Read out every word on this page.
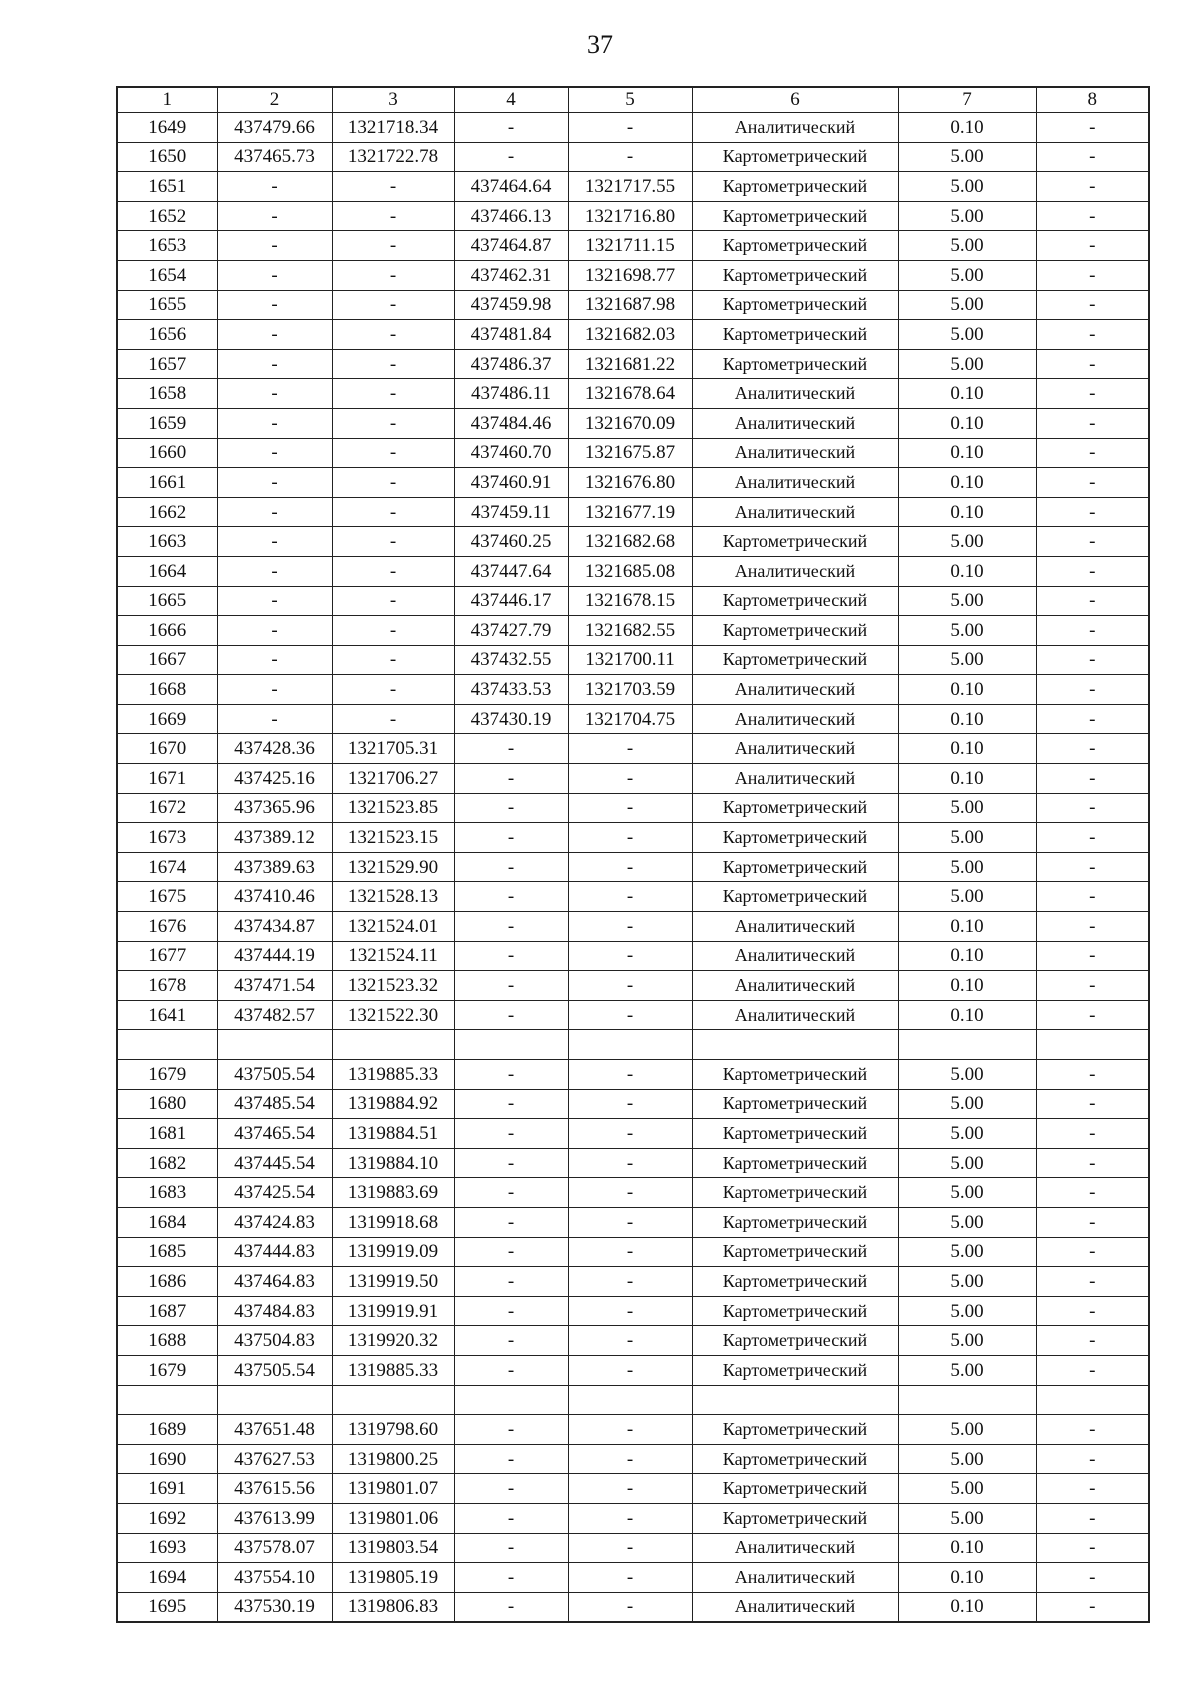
37
1	2	3	4	5	6	7	8
1649	437479.66	1321718.34	-	-	Аналитический	0.10	-
1650	437465.73	1321722.78	-	-	Картометрический	5.00	-
1651	-	-	437464.64	1321717.55	Картометрический	5.00	-
1652	-	-	437466.13	1321716.80	Картометрический	5.00	-
1653	-	-	437464.87	1321711.15	Картометрический	5.00	-
1654	-	-	437462.31	1321698.77	Картометрический	5.00	-
1655	-	-	437459.98	1321687.98	Картометрический	5.00	-
1656	-	-	437481.84	1321682.03	Картометрический	5.00	-
1657	-	-	437486.37	1321681.22	Картометрический	5.00	-
1658	-	-	437486.11	1321678.64	Аналитический	0.10	-
1659	-	-	437484.46	1321670.09	Аналитический	0.10	-
1660	-	-	437460.70	1321675.87	Аналитический	0.10	-
1661	-	-	437460.91	1321676.80	Аналитический	0.10	-
1662	-	-	437459.11	1321677.19	Аналитический	0.10	-
1663	-	-	437460.25	1321682.68	Картометрический	5.00	-
1664	-	-	437447.64	1321685.08	Аналитический	0.10	-
1665	-	-	437446.17	1321678.15	Картометрический	5.00	-
1666	-	-	437427.79	1321682.55	Картометрический	5.00	-
1667	-	-	437432.55	1321700.11	Картометрический	5.00	-
1668	-	-	437433.53	1321703.59	Аналитический	0.10	-
1669	-	-	437430.19	1321704.75	Аналитический	0.10	-
1670	437428.36	1321705.31	-	-	Аналитический	0.10	-
1671	437425.16	1321706.27	-	-	Аналитический	0.10	-
1672	437365.96	1321523.85	-	-	Картометрический	5.00	-
1673	437389.12	1321523.15	-	-	Картометрический	5.00	-
1674	437389.63	1321529.90	-	-	Картометрический	5.00	-
1675	437410.46	1321528.13	-	-	Картометрический	5.00	-
1676	437434.87	1321524.01	-	-	Аналитический	0.10	-
1677	437444.19	1321524.11	-	-	Аналитический	0.10	-
1678	437471.54	1321523.32	-	-	Аналитический	0.10	-
1641	437482.57	1321522.30	-	-	Аналитический	0.10	-

1679	437505.54	1319885.33	-	-	Картометрический	5.00	-
1680	437485.54	1319884.92	-	-	Картометрический	5.00	-
1681	437465.54	1319884.51	-	-	Картометрический	5.00	-
1682	437445.54	1319884.10	-	-	Картометрический	5.00	-
1683	437425.54	1319883.69	-	-	Картометрический	5.00	-
1684	437424.83	1319918.68	-	-	Картометрический	5.00	-
1685	437444.83	1319919.09	-	-	Картометрический	5.00	-
1686	437464.83	1319919.50	-	-	Картометрический	5.00	-
1687	437484.83	1319919.91	-	-	Картометрический	5.00	-
1688	437504.83	1319920.32	-	-	Картометрический	5.00	-
1679	437505.54	1319885.33	-	-	Картометрический	5.00	-

1689	437651.48	1319798.60	-	-	Картометрический	5.00	-
1690	437627.53	1319800.25	-	-	Картометрический	5.00	-
1691	437615.56	1319801.07	-	-	Картометрический	5.00	-
1692	437613.99	1319801.06	-	-	Картометрический	5.00	-
1693	437578.07	1319803.54	-	-	Аналитический	0.10	-
1694	437554.10	1319805.19	-	-	Аналитический	0.10	-
1695	437530.19	1319806.83	-	-	Аналитический	0.10	-
